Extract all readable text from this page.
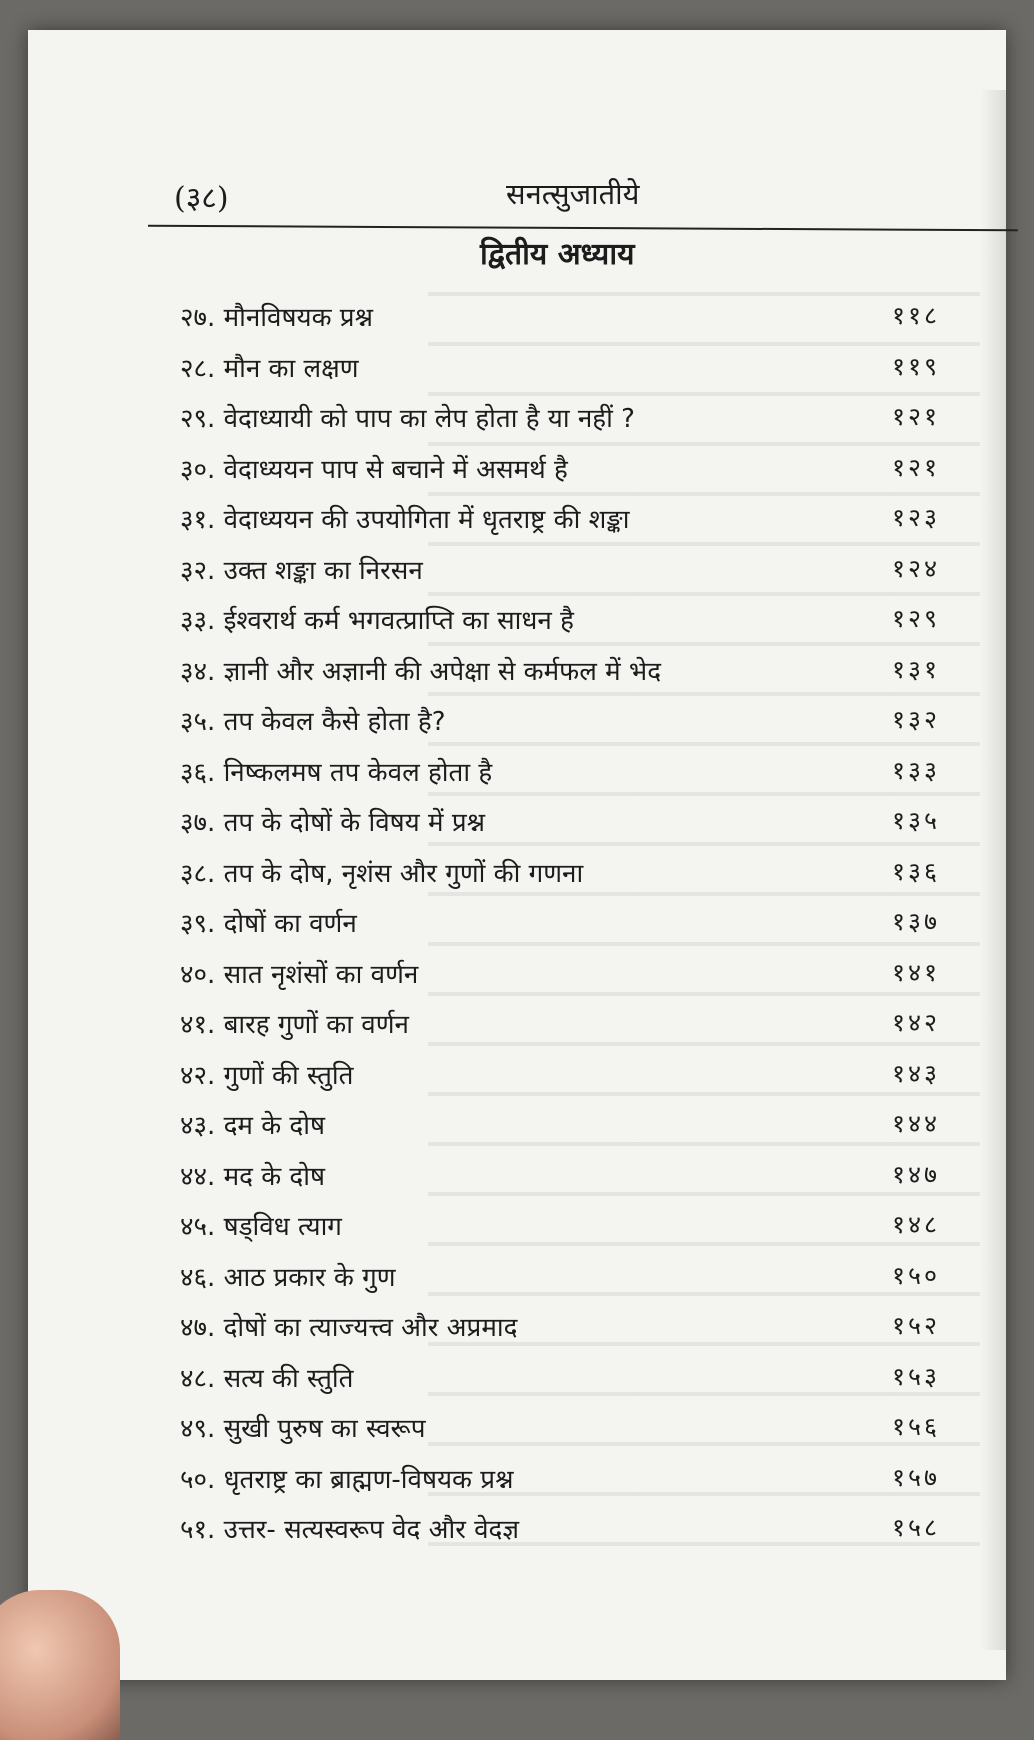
(३८)	सनत्सुजातीये
द्वितीय अध्याय
२७. मौनविषयक प्रश्न	११८
२८. मौन का लक्षण	११९
२९. वेदाध्यायी को पाप का लेप होता है या नहीं ?	१२१
३०. वेदाध्ययन पाप से बचाने में असमर्थ है	१२१
३१. वेदाध्ययन की उपयोगिता में धृतराष्ट्र की शङ्का	१२३
३२. उक्त शङ्का का निरसन	१२४
३३. ईश्वरार्थ कर्म भगवत्प्राप्ति का साधन है	१२९
३४. ज्ञानी और अज्ञानी की अपेक्षा से कर्मफल में भेद	१३१
३५. तप केवल कैसे होता है?	१३२
३६. निष्कलमष तप केवल होता है	१३३
३७. तप के दोषों के विषय में प्रश्न	१३५
३८. तप के दोष, नृशंस और गुणों की गणना	१३६
३९. दोषों का वर्णन	१३७
४०. सात नृशंसों का वर्णन	१४१
४१. बारह गुणों का वर्णन	१४२
४२. गुणों की स्तुति	१४३
४३. दम के दोष	१४४
४४. मद के दोष	१४७
४५. षड्विध त्याग	१४८
४६. आठ प्रकार के गुण	१५०
४७. दोषों का त्याज्यत्त्व और अप्रमाद	१५२
४८. सत्य की स्तुति	१५३
४९. सुखी पुरुष का स्वरूप	१५६
५०. धृतराष्ट्र का ब्राह्मण-विषयक प्रश्न	१५७
५१. उत्तर- सत्यस्वरूप वेद और वेदज्ञ	१५८
